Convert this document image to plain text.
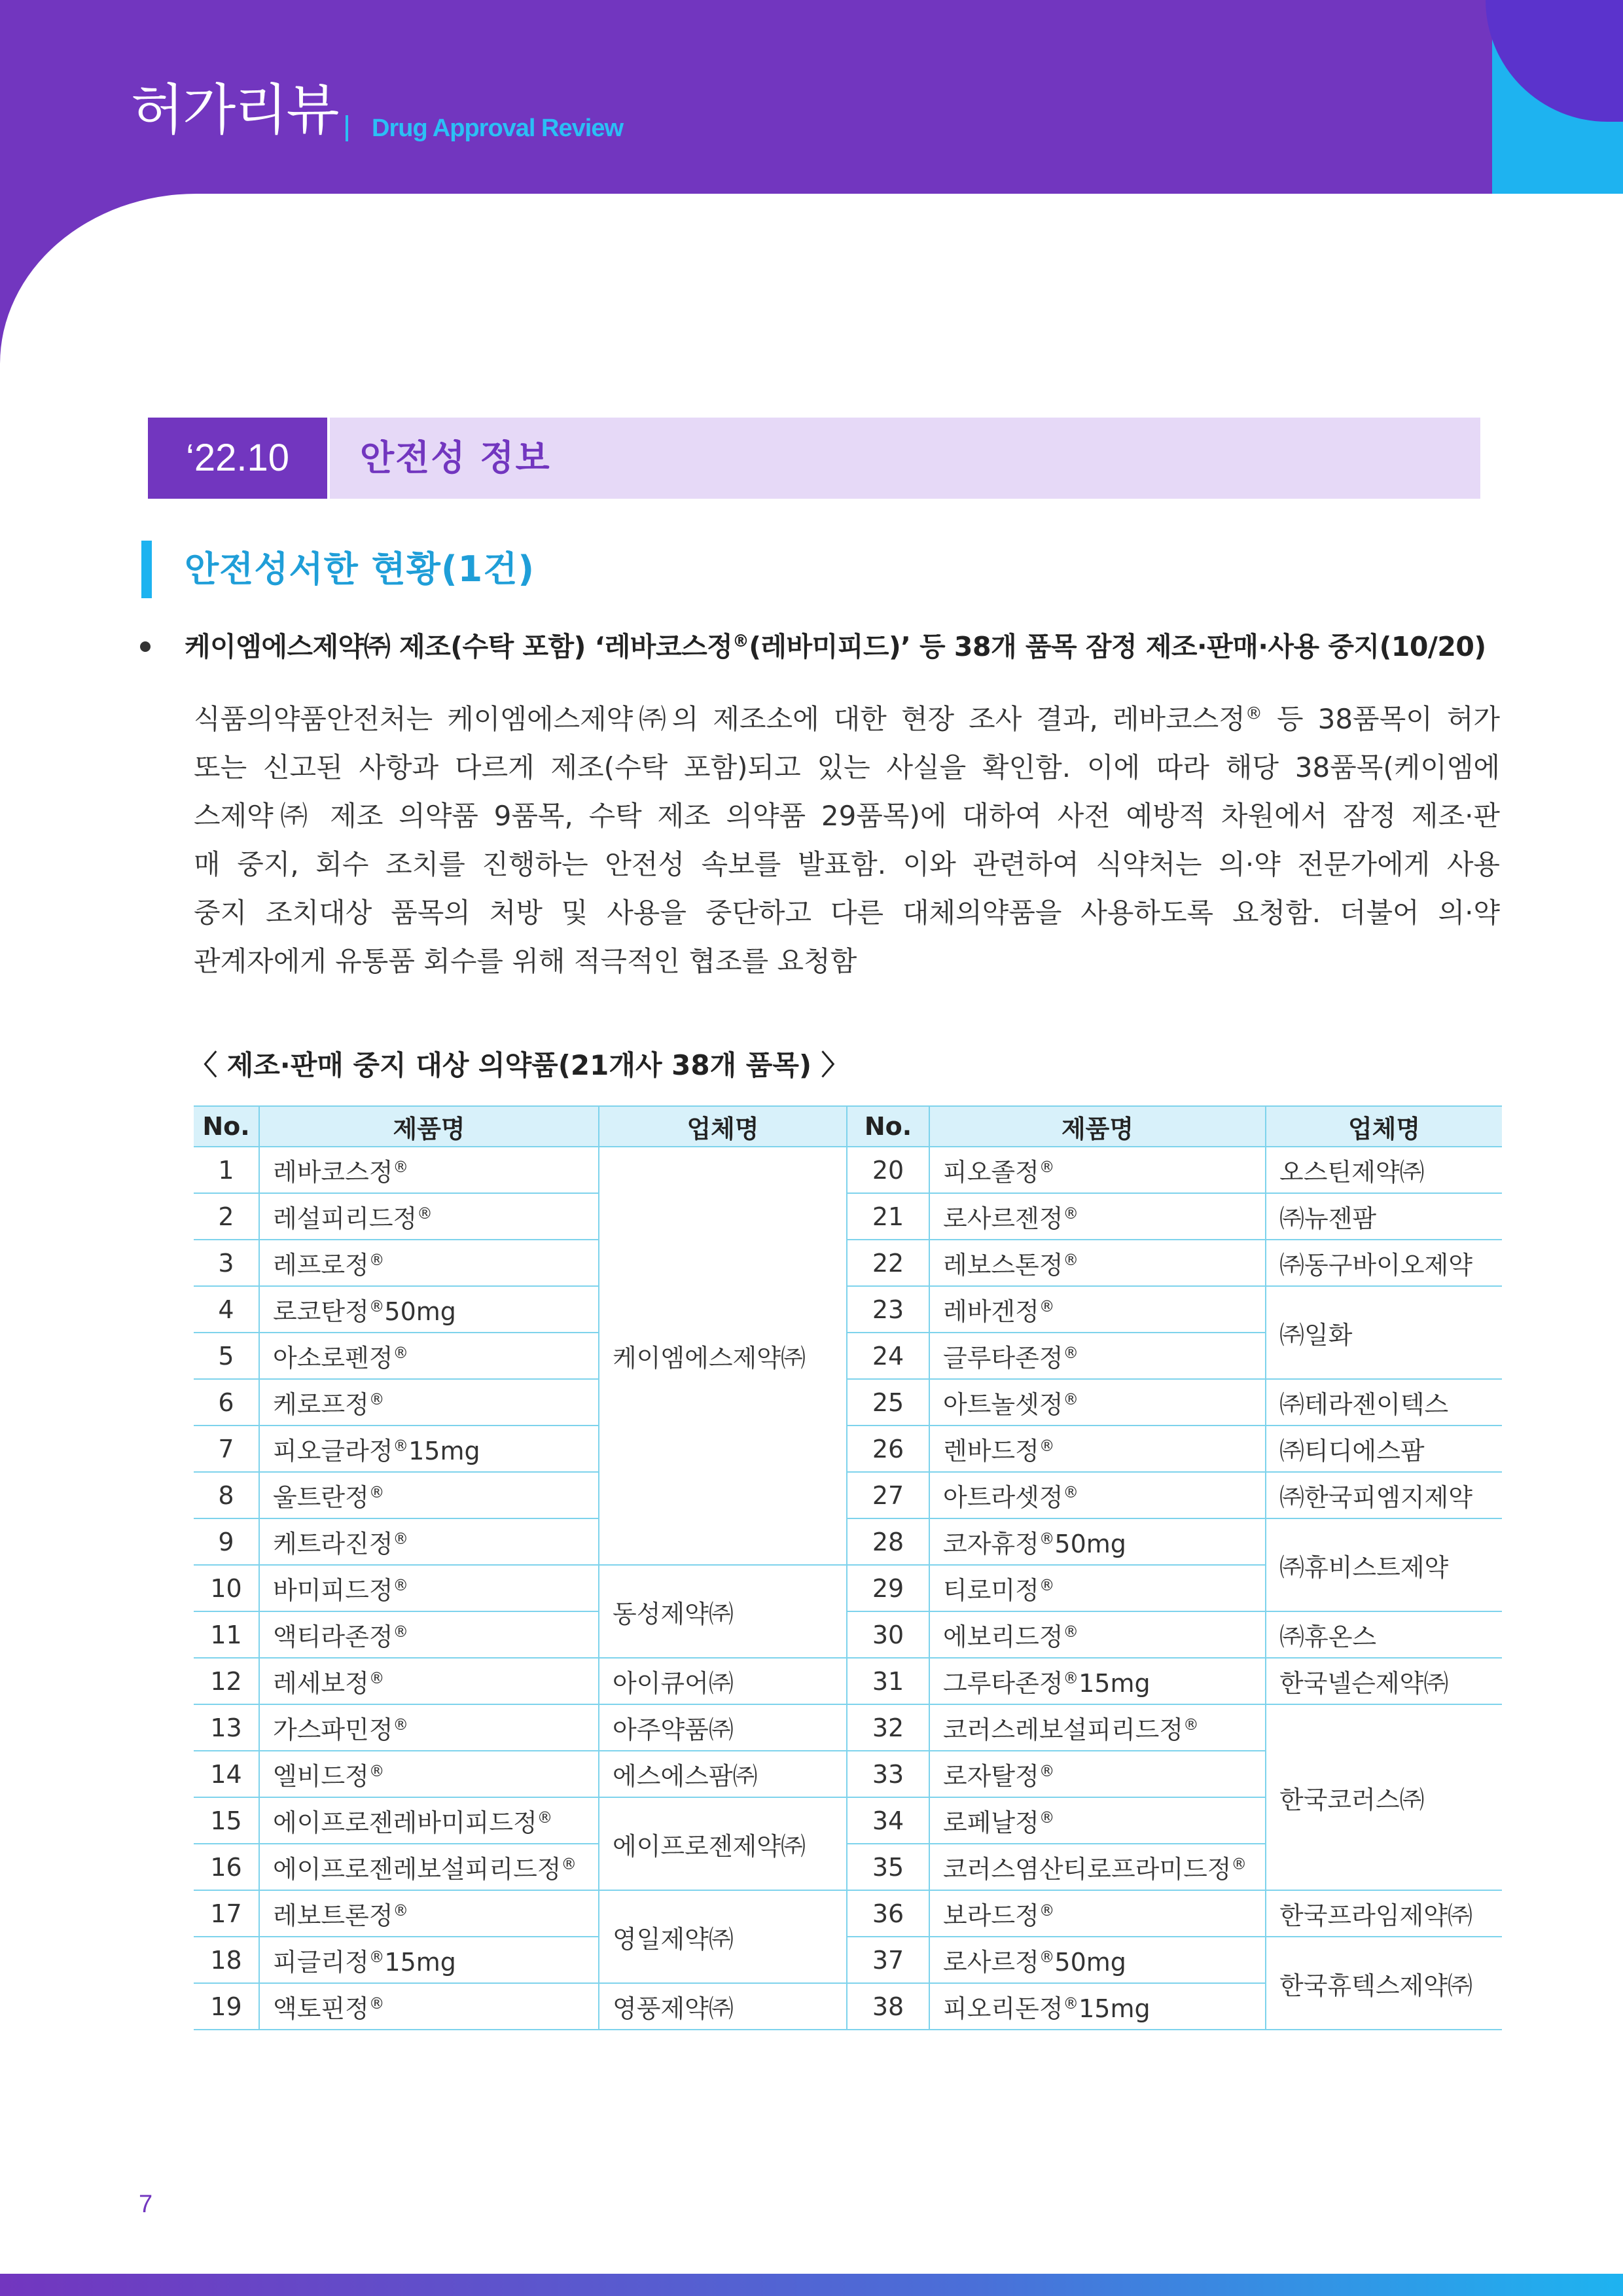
허가리뷰 Drug Approval Review
‘22.10	안전성 정보
안전성서한 현황(1건)
케이엠에스제약㈜ 제조(수탁 포함) ‘레바코스정®(레바미피드)’ 등 38개 품목 잠정 제조·판매·사용 중지(10/20)
식품의약품안전처는 케이엠에스제약㈜의 제조소에 대한 현장 조사 결과, 레바코스정® 등 38품목이 허가
또는 신고된 사항과 다르게 제조(수탁 포함)되고 있는 사실을 확인함. 이에 따라 해당 38품목(케이엠에
스제약㈜ 제조 의약품 9품목, 수탁 제조 의약품 29품목)에 대하여 사전 예방적 차원에서 잠정 제조·판
매 중지, 회수 조치를 진행하는 안전성 속보를 발표함. 이와 관련하여 식약처는 의·약 전문가에게 사용
중지 조치대상 품목의 처방 및 사용을 중단하고 다른 대체의약품을 사용하도록 요청함. 더불어 의·약
관계자에게 유통품 회수를 위해 적극적인 협조를 요청함
〈 제조·판매 중지 대상 의약품(21개사 38개 품목) 〉
No.	제품명	업체명	No.	제품명	업체명
1	레바코스정®	케이엠에스제약㈜	20	피오졸정®	오스틴제약㈜
2	레설피리드정®		21	로사르젠정®	㈜뉴젠팜
3	레프로정®		22	레보스톤정®	㈜동구바이오제약
4	로코탄정®50mg		23	레바겐정®	㈜일화
5	아소로펜정®		24	글루타존정®
6	케로프정®		25	아트놀셋정®	㈜테라젠이텍스
7	피오글라정®15mg		26	렌바드정®	㈜티디에스팜
8	울트란정®		27	아트라셋정®	㈜한국피엠지제약
9	케트라진정®		28	코자휴정®50mg	㈜휴비스트제약
10	바미피드정®	동성제약㈜	29	티로미정®
11	액티라존정®		30	에보리드정®	㈜휴온스
12	레세보정®	아이큐어㈜	31	그루타존정®15mg	한국넬슨제약㈜
13	가스파민정®	아주약품㈜	32	코러스레보설피리드정®	한국코러스㈜
14	엘비드정®	에스에스팜㈜	33	로자탈정®
15	에이프로젠레바미피드정®	에이프로젠제약㈜	34	로페날정®
16	에이프로젠레보설피리드정®		35	코러스염산티로프라미드정®
17	레보트론정®	영일제약㈜	36	보라드정®	한국프라임제약㈜
18	피글리정®15mg		37	로사르정®50mg	한국휴텍스제약㈜
19	액토핀정®	영풍제약㈜	38	피오리돈정®15mg	
7
